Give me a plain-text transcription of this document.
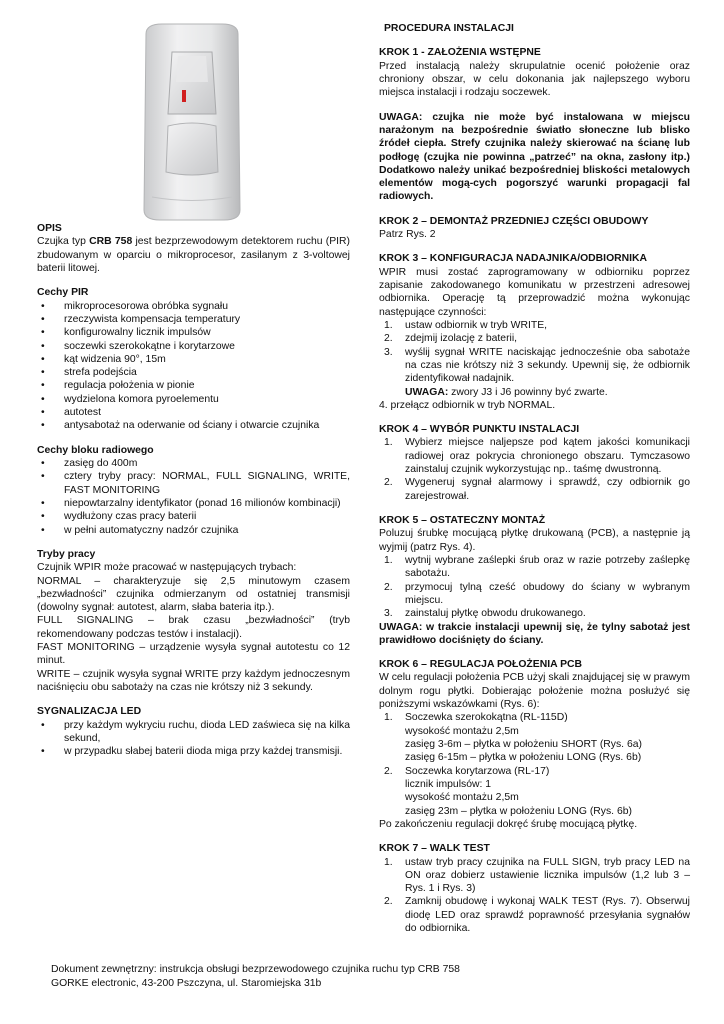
OPIS

Czujka typ CRB 758 jest bezprzewodowym detektorem ruchu (PIR) zbudowanym w oparciu o mikroprocesor, zasilanym z 3-voltowej baterii litowej.

Cechy PIR
• mikroprocesorowa obróbka sygnału
• rzeczywista kompensacja temperatury
• konfigurowalny licznik impulsów
• soczewki szerokokątne i korytarzowe
• kąt widzenia 90°, 15m
• strefa podejścia
• regulacja położenia w pionie
• wydzielona komora pyroelementu
• autotest
• antysabotaż na oderwanie od ściany i otwarcie czujnika
Cechy bloku radiowego
• zasięg do 400m
• cztery tryby pracy: NORMAL, FULL SIGNALING, WRITE, FAST MONITORING
• niepowtarzalny identyfikator (ponad 16 milionów kombinacji)
• wydłużony czas pracy baterii
• w pełni automatyczny nadzór czujnika
Tryby pracy

Czujnik WPIR może pracować w następujących trybach:

NORMAL – charakteryzuje się 2,5 minutowym czasem „bezwładności” czujnika odmierzanym od ostatniej transmisji (dowolny sygnał: autotest, alarm, słaba bateria itp.).

FULL SIGNALING – brak czasu „bezwładności” (tryb rekomendowany podczas testów i instalacji).

FAST MONITORING – urządzenie wysyła sygnał autotestu co 12 minut.

WRITE – czujnik wysyła sygnał WRITE przy każdym jednoczesnym naciśnięciu obu sabotaży na czas nie krótszy niż 3 sekundy.

SYGNALIZACJA LED
• przy każdym wykryciu ruchu, dioda LED zaświeca się na kilka sekund,
• w przypadku słabej baterii dioda miga przy każdej transmisji.
PROCEDURA INSTALACJI
KROK 1 - ZAŁOŻENIA WSTĘPNE

Przed instalacją należy skrupulatnie ocenić położenie oraz chroniony obszar, w celu dokonania jak najlepszego wyboru miejsca instalacji i rodzaju soczewek.

UWAGA: czujka nie może być instalowana w miejscu narażonym na bezpośrednie światło słoneczne lub blisko źródeł ciepła. Strefy czujnika należy skierować na ścianę lub podłogę (czujka nie powinna „patrzeć” na okna, zasłony itp.) Dodatkowo należy unikać bezpośredniej bliskości metalowych elementów mogą-cych pogorszyć warunki propagacji fal radiowych.

KROK 2 – DEMONTAŻ PRZEDNIEJ CZĘŚCI OBUDOWY

Patrz Rys. 2

KROK 3 – KONFIGURACJA NADAJNIKA/ODBIORNIKA

WPIR musi zostać zaprogramowany w odbiorniku poprzez zapisanie zakodowanego komunikatu w przestrzeni adresowej odbiornika. Operację tą przeprowadzić można wykonując następujące czynności:

1. ustaw odbiornik w tryb WRITE,
2. zdejmij izolację z baterii,
3. wyślij sygnał WRITE naciskając jednocześnie oba sabotaże na czas nie krótszy niż 3 sekundy. Upewnij się, że odbiornik zidentyfikował nadajnik.

UWAGA: zwory J3 i J6 powinny być zwarte.

4. przełącz odbiornik w tryb NORMAL.

KROK 4 – WYBÓR PUNKTU INSTALACJI
1. Wybierz miejsce naljepsze pod kątem jakości komunikacji radiowej oraz pokrycia chronionego obszaru. Tymczasowo zainstaluj czujnik wykorzystując np.. taśmę dwustronną.
2. Wygeneruj sygnał alarmowy i sprawdź, czy odbiornik go zarejestrował.
KROK 5 – OSTATECZNY MONTAŻ

Poluzuj śrubkę mocującą płytkę drukowaną (PCB), a następnie ją wyjmij (patrz Rys. 4).

1. wytnij wybrane zaślepki śrub oraz w razie potrzeby zaślepkę sabotażu.
2. przymocuj tylną cześć obudowy do ściany w wybranym miejscu.
3. zainstaluj płytkę obwodu drukowanego.

UWAGA: w trakcie instalacji upewnij się, że tylny sabotaż jest prawidłowo dociśnięty do ściany.

KROK 6 – REGULACJA POŁOŻENIA PCB

W celu regulacji położenia PCB użyj skali znajdującej się w prawym dolnym rogu płytki. Dobierając położenie można posłużyć się poniższymi wskazówkami (Rys. 6):

1. Soczewka szerokokątna (RL-115D)
wysokość montażu 2,5m
zasięg 3-6m – płytka w położeniu SHORT (Rys. 6a)
zasięg 6-15m – płytka w położeniu LONG (Rys. 6b)
2. Soczewka korytarzowa (RL-17)
licznik impulsów: 1
wysokość montażu 2,5m
zasięg 23m – płytka w położeniu LONG (Rys. 6b)

Po zakończeniu regulacji dokręć śrubę mocującą płytkę.

KROK 7 – WALK TEST
1. ustaw tryb pracy czujnika na FULL SIGN, tryb pracy LED na ON oraz dobierz ustawienie licznika impulsów (1,2 lub 3 – Rys. 1 i Rys. 3)
2. Zamknij obudowę i wykonaj WALK TEST (Rys. 7). Obserwuj diodę LED oraz sprawdź poprawność przesyłania sygnałów do odbiornika.
Dokument zewnętrzny: instrukcja obsługi bezprzewodowego czujnika ruchu typ CRB 758
GORKE electronic, 43-200 Pszczyna, ul. Staromiejska 31b
